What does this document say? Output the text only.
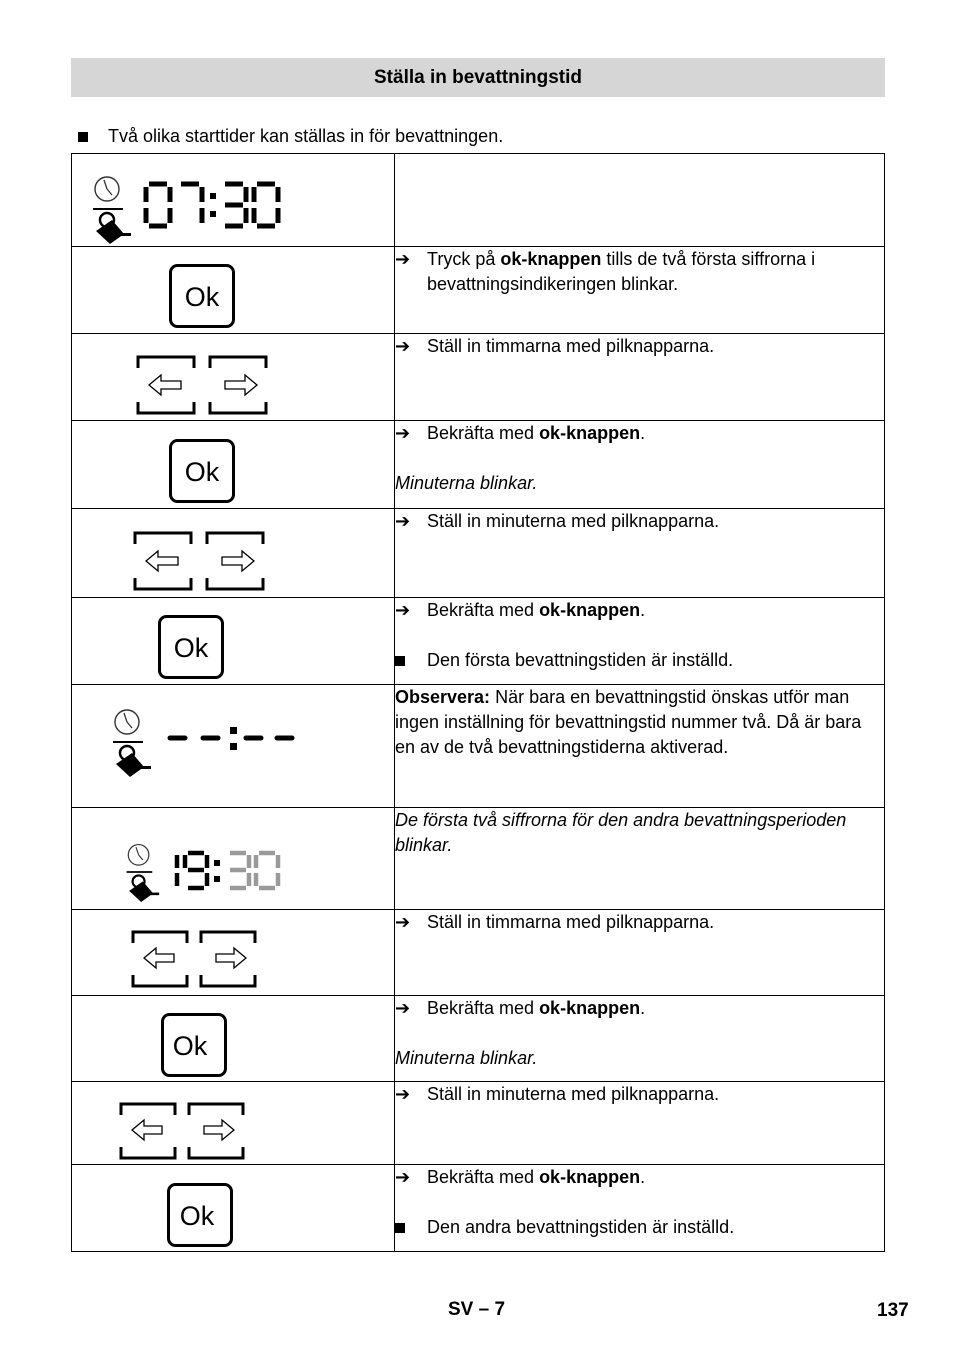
Ställa in bevattningstid
Två olika starttider kan ställas in för bevattningen.

Ok	➔ Tryck på ok-knappen tills de två första siffrorna i bevattningsindikeringen blinkar.

➔ Ställ in timmarna med pilknapparna.

Ok	➔ Bekräfta med ok-knappen.
Minuterna blinkar.

➔ Ställ in minuterna med pilknapparna.

Ok	➔ Bekräfta med ok-knappen.
Den första bevattningstiden är inställd.

Observera: När bara en bevattningstid önskas utför man ingen inställning för bevattningstid nummer två. Då är bara en av de två bevattningstiderna aktiverad.

De första två siffrorna för den andra bevattningsperioden blinkar.

➔ Ställ in timmarna med pilknapparna.

Ok	➔ Bekräfta med ok-knappen.
Minuterna blinkar.

➔ Ställ in minuterna med pilknapparna.

Ok	➔ Bekräfta med ok-knappen.
Den andra bevattningstiden är inställd.
SV – 7	137
